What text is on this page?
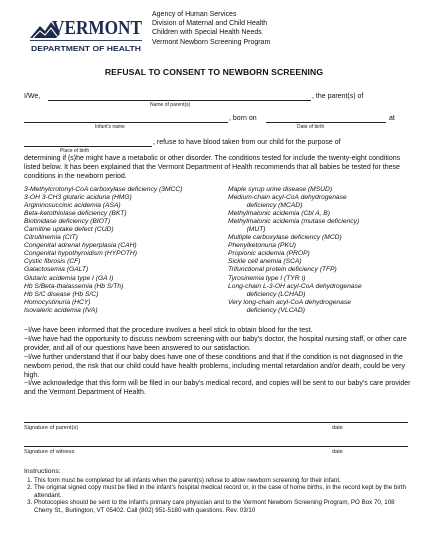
VERMONT
DEPARTMENT OF HEALTH
Agency of Human Services
Division of Maternal and Child Health
Children with Special Health Needs
Vermont Newborn Screening Program
REFUSAL TO CONSENT TO NEWBORN SCREENING
I/We,	, the parent(s) of
Name of parent(s)
, born on	at
Infant's name	Date of birth
, refuse to have blood taken from our child for the purpose of
Place of birth
determining if (s)he might have a metabolic or other disorder. The conditions tested for include the twenty-eight conditions listed below. It has been explained that the Vermont Department of Health recommends that all babies be tested for these conditions in the newborn period.
3-Methylcrotonyl-CoA carboxylase deficiency (3MCC)
3-OH 3-CH3 glutaric aciduria (HMG)
Argininosuccinic acidemia (ASA)
Beta-ketothiolase deficiency (BKT)
Biotinidase deficiency (BIOT)
Carnitine uptake defect (CUD)
Citrullinemia (CIT)
Congenital adrenal hyperplasia (CAH)
Congenital hypothyroidism (HYPOTH)
Cystic fibrosis (CF)
Galactosemia (GALT)
Glutaric acidemia type I (GA I)
Hb S/Beta-thalassemia (Hb S/Th)
Hb S/C disease (Hb S/C)
Homocystinuria (HCY)
Isovaleric acidemia (IVA)
Maple syrup urine disease (MSUD)
Medium-chain acyl-CoA dehydrogenase
deficiency (MCAD)
Methylmalonic acidemia (Cbl A, B)
Methylmalonic acidemia (mutase deficiency)
(MUT)
Multiple carboxylase deficiency (MCD)
Phenylketonuria (PKU)
Propionic acidemia (PROP)
Sickle cell anemia (SCA)
Trifunctional protein deficiency (TFP)
Tyrosinemia type I (TYR I)
Long-chain L-3-OH acyl-CoA dehydrogenase
deficiency (LCHAD)
Very long-chain acyl-CoA dehydrogenase
deficiency (VLCAD)

~I/we have been informed that the procedure involves a heel stick to obtain blood for the test.

~I/we have had the opportunity to discuss newborn screening with our baby's doctor, the hospital nursing staff, or other care provider, and all of our questions have been answered to our satisfaction.

~I/we further understand that if our baby does have one of these conditions and that if the condition is not diagnosed in the newborn period, the risk that our child could have health problems, including mental retardation and/or death, could be very high.

~I/we acknowledge that this form will be filed in our baby's medical record, and copies will be sent to our baby's care provider and the Vermont Department of Health.

Signature of parent(s)	date
Signature of witness	date
Instructions:
1. This form must be completed for all infants when the parent(s) refuse to allow newborn screening for their infant.
2. The original signed copy must be filed in the infant's hospital medical record or, in the case of home births, in the record kept by the birth attendant.
3. Photocopies should be sent to the infant's primary care physician and to the Vermont Newborn Screening Program, PO Box 70, 108 Cherry St., Burlington, VT 05402. Call (802) 951-5180 with questions. Rev. 03/10
